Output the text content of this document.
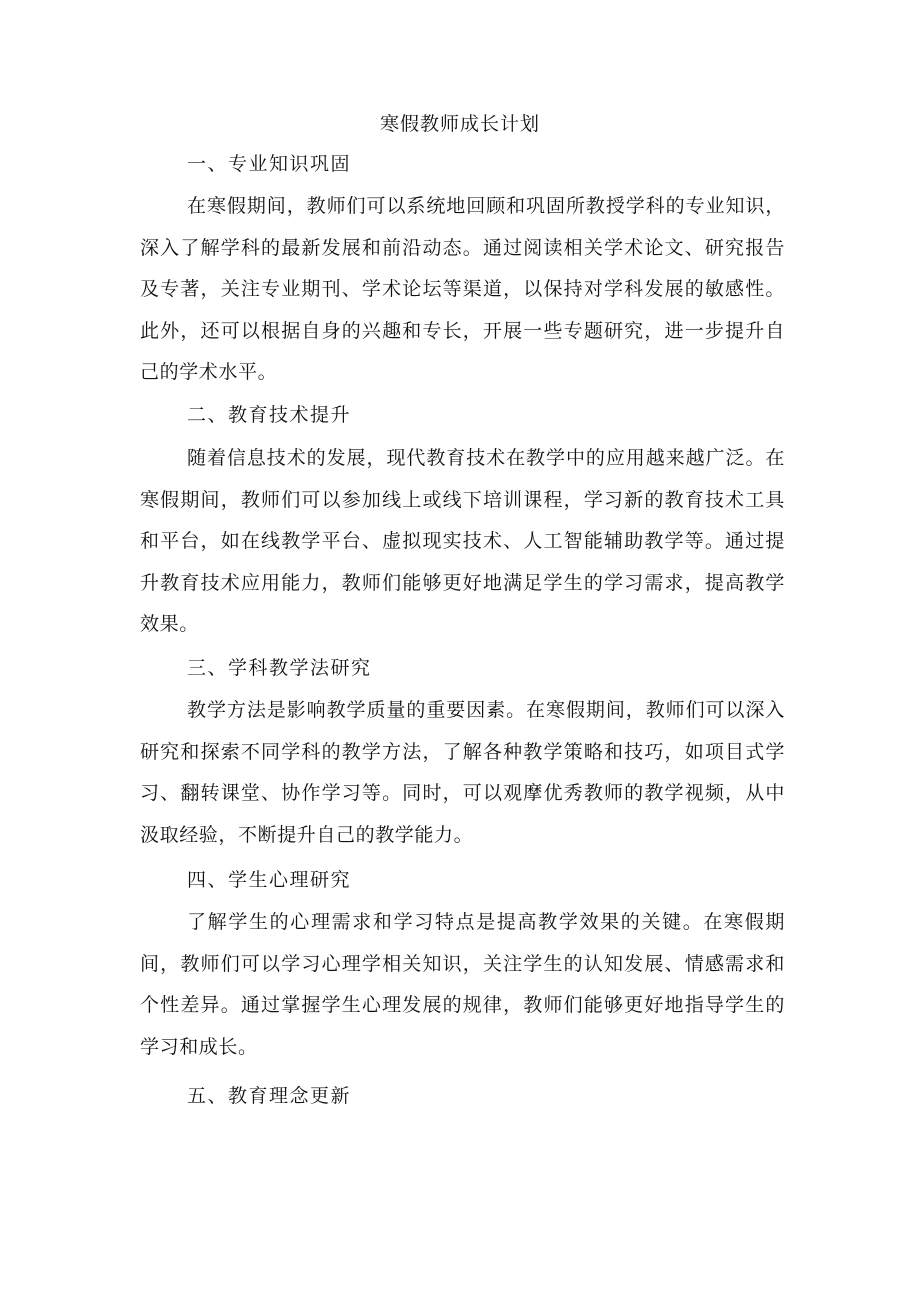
寒假教师成长计划
一、专业知识巩固
在寒假期间，教师们可以系统地回顾和巩固所教授学科的专业知识，深入了解学科的最新发展和前沿动态。通过阅读相关学术论文、研究报告及专著，关注专业期刊、学术论坛等渠道，以保持对学科发展的敏感性。此外，还可以根据自身的兴趣和专长，开展一些专题研究，进一步提升自己的学术水平。
二、教育技术提升
随着信息技术的发展，现代教育技术在教学中的应用越来越广泛。在寒假期间，教师们可以参加线上或线下培训课程，学习新的教育技术工具和平台，如在线教学平台、虚拟现实技术、人工智能辅助教学等。通过提升教育技术应用能力，教师们能够更好地满足学生的学习需求，提高教学效果。
三、学科教学法研究
教学方法是影响教学质量的重要因素。在寒假期间，教师们可以深入研究和探索不同学科的教学方法，了解各种教学策略和技巧，如项目式学习、翻转课堂、协作学习等。同时，可以观摩优秀教师的教学视频，从中汲取经验，不断提升自己的教学能力。
四、学生心理研究
了解学生的心理需求和学习特点是提高教学效果的关键。在寒假期间，教师们可以学习心理学相关知识，关注学生的认知发展、情感需求和个性差异。通过掌握学生心理发展的规律，教师们能够更好地指导学生的学习和成长。
五、教育理念更新
